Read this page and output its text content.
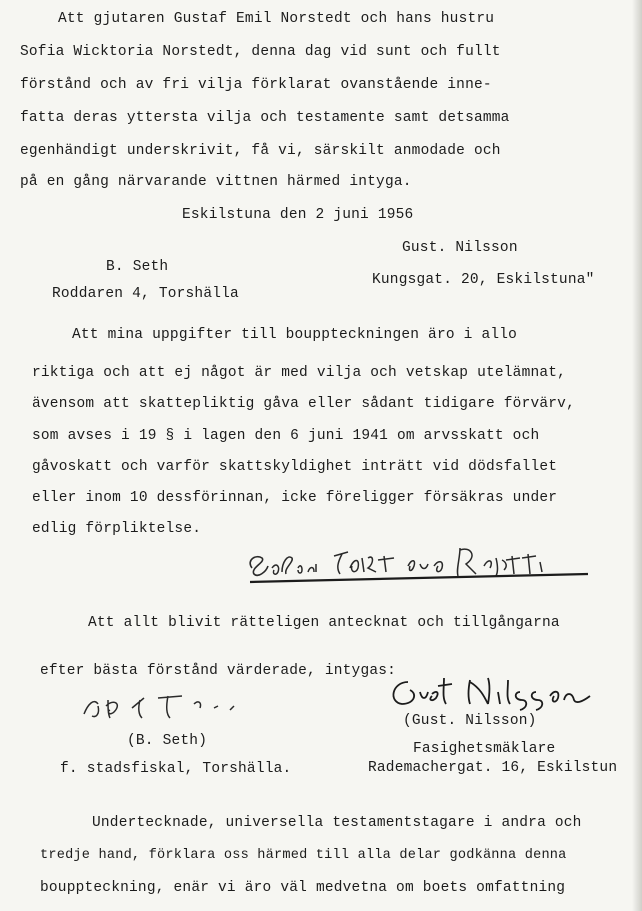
Att gjutaren Gustaf Emil Norstedt och hans hustru
Sofia Wicktoria Norstedt, denna dag vid sunt och fullt
förstånd och av fri vilja förklarat ovanstående inne-
fatta deras yttersta vilja och testamente samt detsamma
egenhändigt underskrivit, få vi, särskilt anmodade och
på en gång närvarande vittnen härmed intyga.
Eskilstuna den 2 juni 1956
B. Seth
Roddaren 4, Torshälla
Gust. Nilsson
Kungsgat. 20, Eskilstuna"
Att mina uppgifter till bouppteckningen äro i allo
riktiga och att ej något är med vilja och vetskap utelämnat,
ävensom att skattepliktig gåva eller sådant tidigare förvärv,
som avses i 19 § i lagen den 6 juni 1941 om arvsskatt och
gåvoskatt och varför skattskyldighet inträtt vid dödsfallet
eller inom 10 dessförinnan, icke föreligger försäkras under
edlig förpliktelse.
Att allt blivit rätteligen antecknat och tillgångarna
efter bästa förstånd värderade, intygas:
(B. Seth)
f. stadsfiskal, Torshälla.
(Gust. Nilsson)
Fasighetsmäklare
Rademachergat. 16, Eskilstun
Undertecknade, universella testamentstagare i andra och
tredje hand, förklara oss härmed till alla delar godkänna denna
bouppteckning, enär vi äro väl medvetna om boets omfattning
